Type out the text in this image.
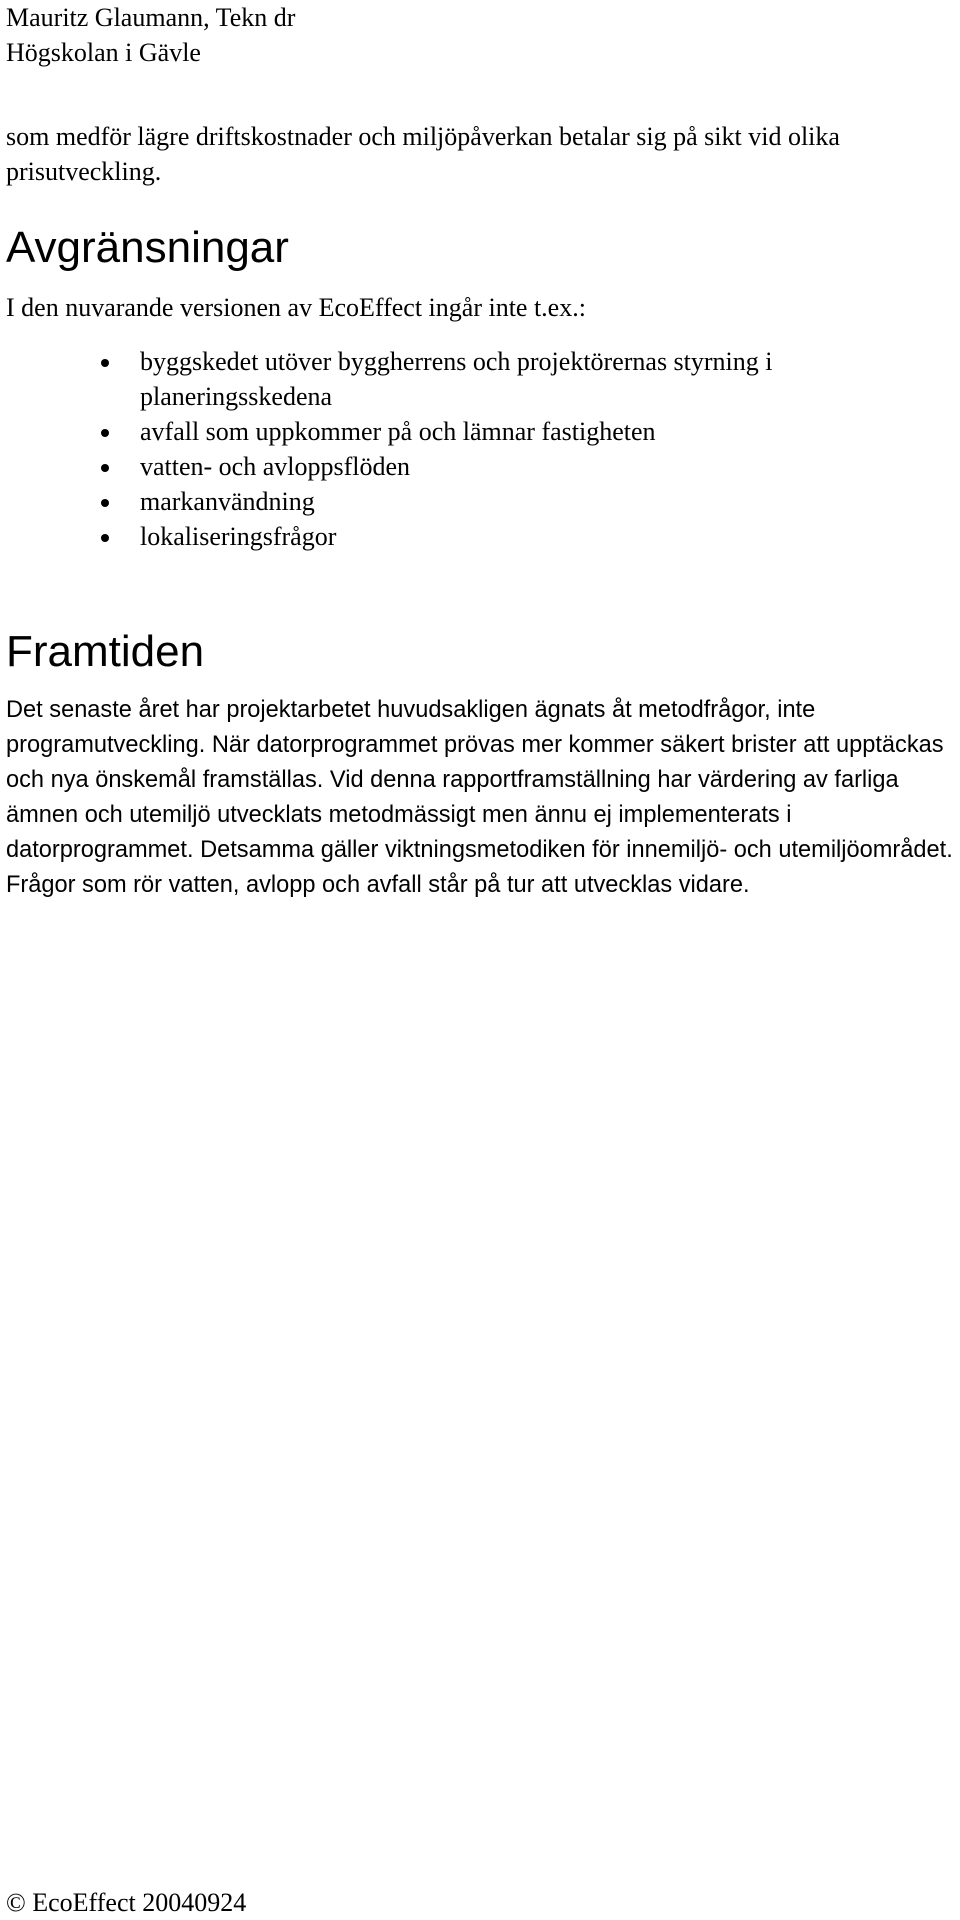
Mauritz Glaumann, Tekn dr
Högskolan i Gävle

som medför lägre driftskostnader och miljöpåverkan betalar sig på sikt vid olika prisutveckling.

Avgränsningar

I den nuvarande versionen av EcoEffect ingår inte t.ex.:

byggskedet utöver byggherrens och projektörernas styrning i planeringsskedena
avfall som uppkommer på och lämnar fastigheten
vatten- och avloppsflöden
markanvändning
lokaliseringsfrågor
Framtiden

Det senaste året har projektarbetet huvudsakligen ägnats åt metodfrågor, inte programutveckling. När datorprogrammet prövas mer kommer säkert brister att upptäckas och nya önskemål framställas. Vid denna rapportframställning har värdering av farliga ämnen och utemiljö utvecklats metodmässigt men ännu ej implementerats i datorprogrammet. Detsamma gäller viktningsmetodiken för innemiljö- och utemiljöområdet. Frågor som rör vatten, avlopp och avfall står på tur att utvecklas vidare.

© EcoEffect 20040924
